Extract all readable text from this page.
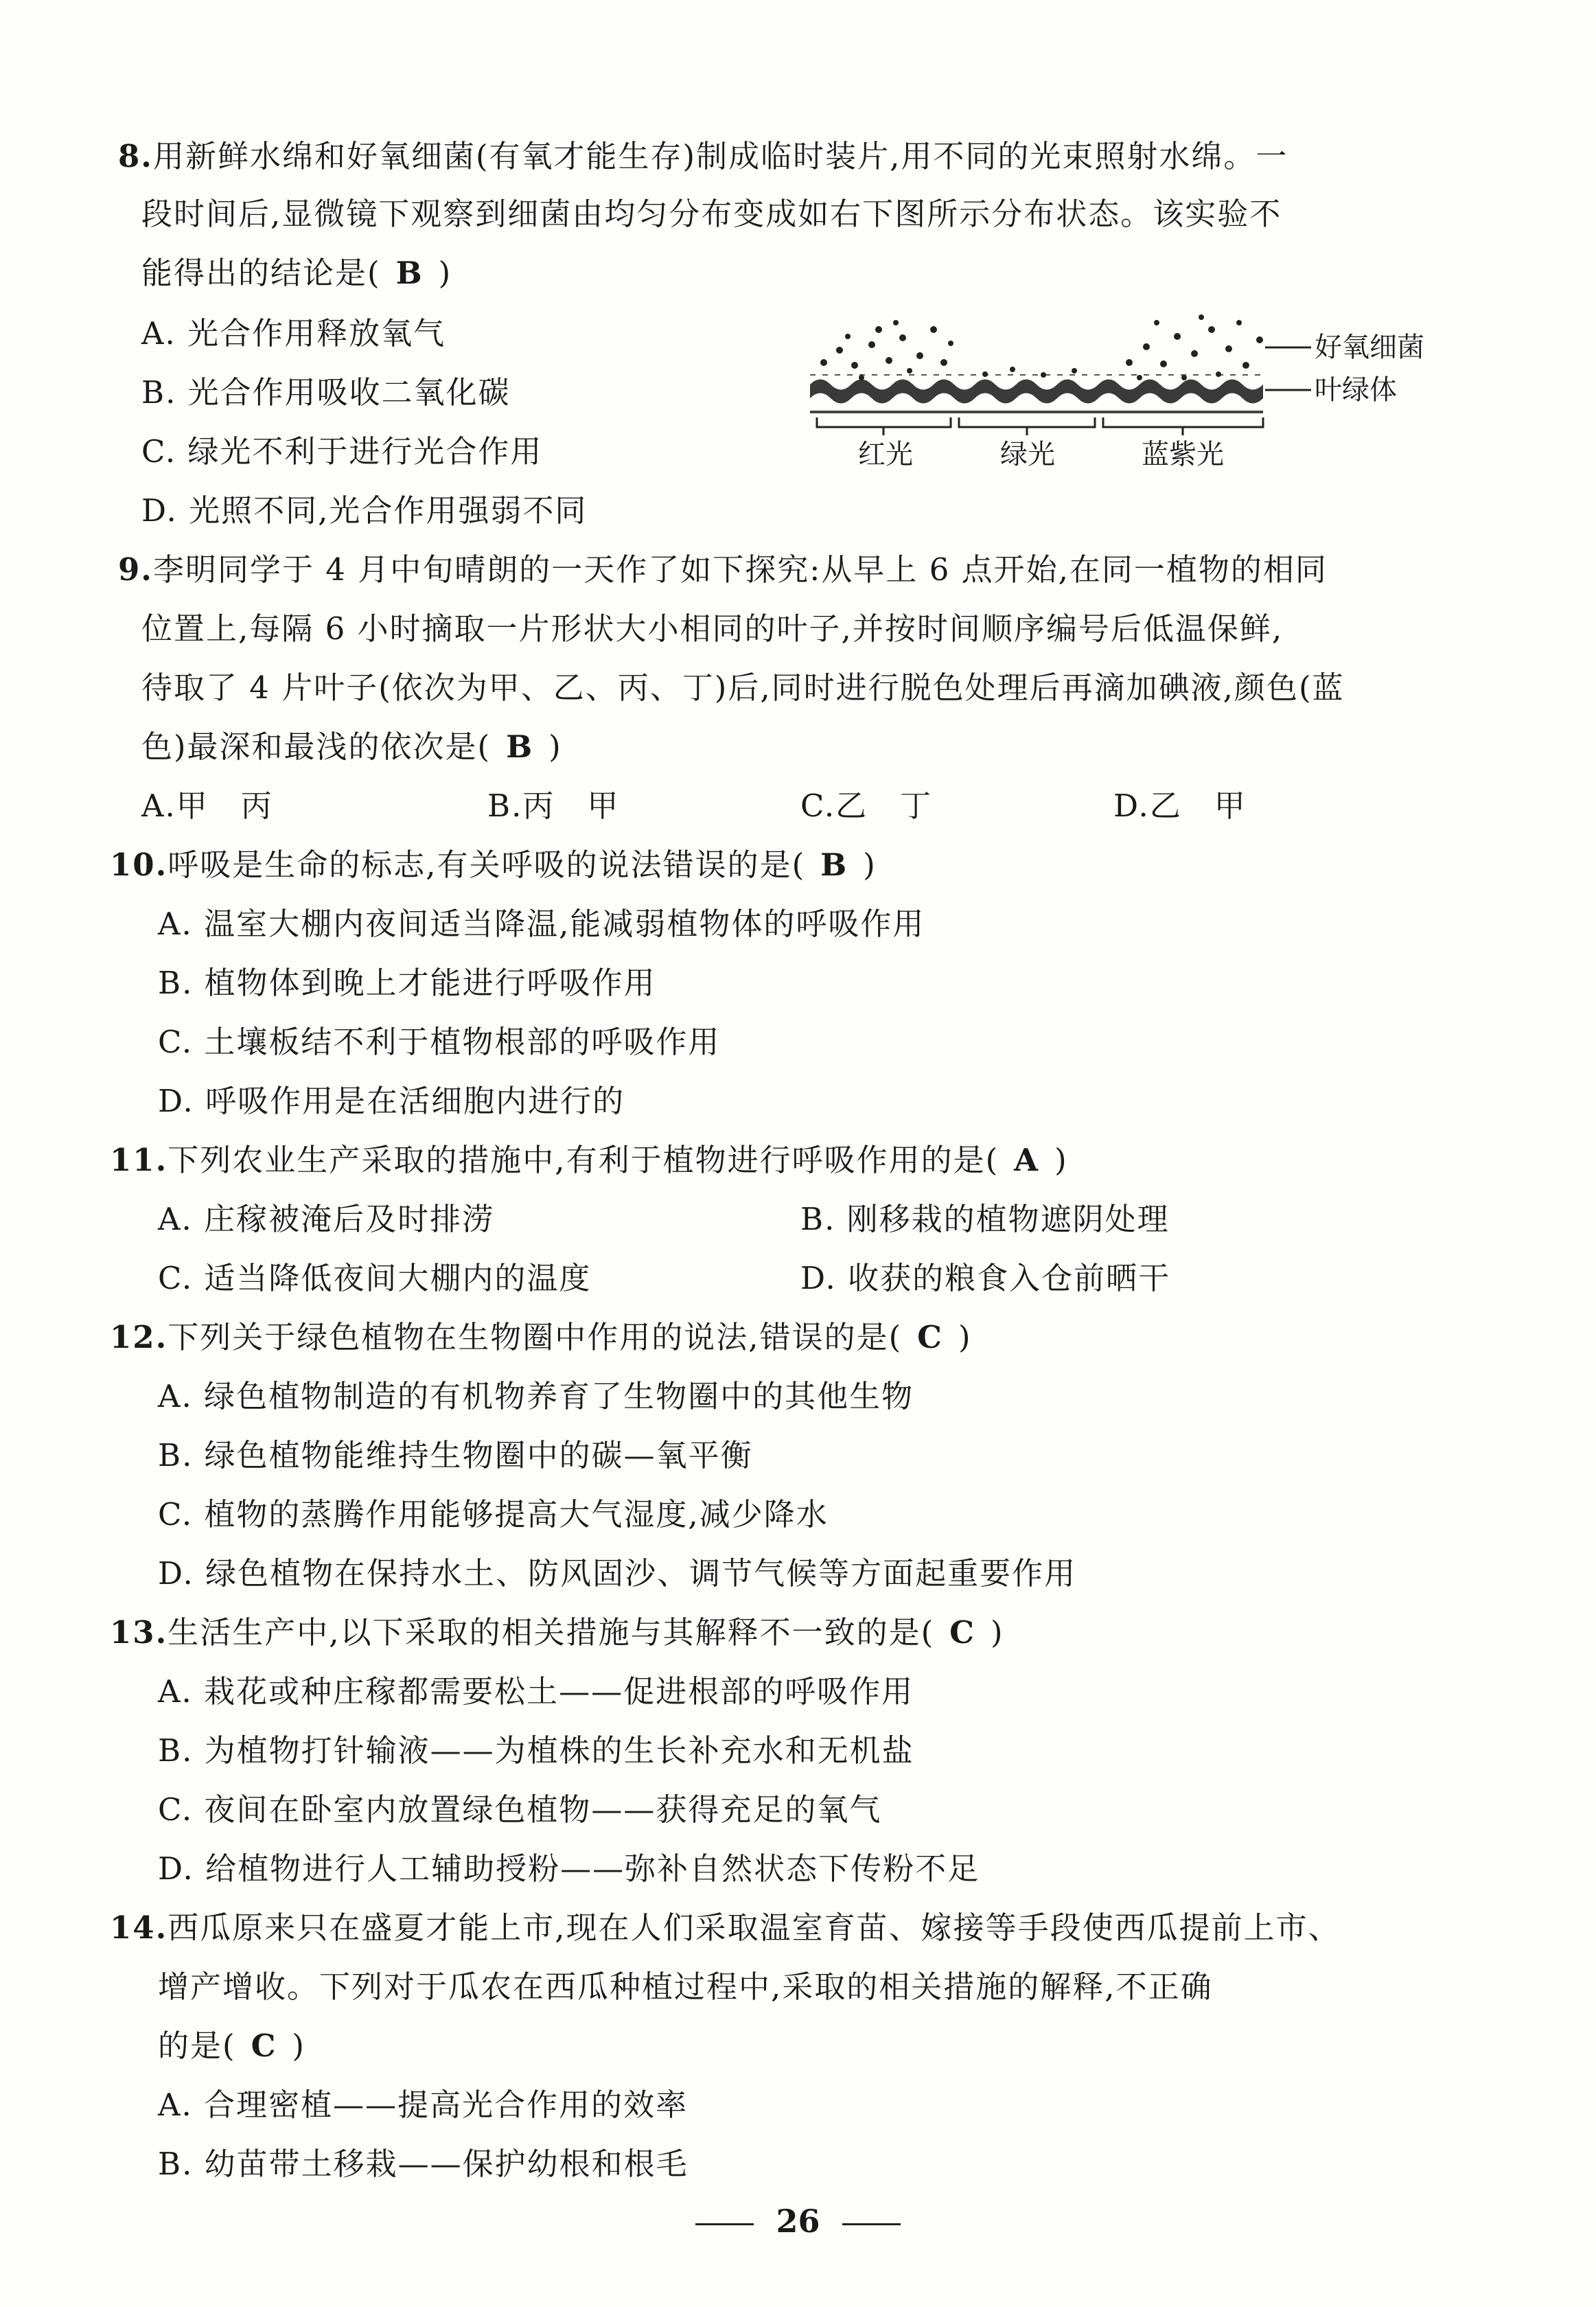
8.用新鲜水绵和好氧细菌(有氧才能生存)制成临时装片,用不同的光束照射水绵。一
段时间后,显微镜下观察到细菌由均匀分布变成如右下图所示分布状态。该实验不
能得出的结论是( B )
A. 光合作用释放氧气
B. 光合作用吸收二氧化碳
C. 绿光不利于进行光合作用
D. 光照不同,光合作用强弱不同
好氧细菌
叶绿体
红光	绿光	蓝紫光
9.李明同学于 4 月中旬晴朗的一天作了如下探究:从早上 6 点开始,在同一植物的相同
位置上,每隔 6 小时摘取一片形状大小相同的叶子,并按时间顺序编号后低温保鲜,
待取了 4 片叶子(依次为甲、乙、丙、丁)后,同时进行脱色处理后再滴加碘液,颜色(蓝
色)最深和最浅的依次是( B )
A.甲　丙	B.丙　甲	C.乙　丁	D.乙　甲
10.呼吸是生命的标志,有关呼吸的说法错误的是( B )
A. 温室大棚内夜间适当降温,能减弱植物体的呼吸作用
B. 植物体到晚上才能进行呼吸作用
C. 土壤板结不利于植物根部的呼吸作用
D. 呼吸作用是在活细胞内进行的
11.下列农业生产采取的措施中,有利于植物进行呼吸作用的是( A )
A. 庄稼被淹后及时排涝	B. 刚移栽的植物遮阴处理
C. 适当降低夜间大棚内的温度	D. 收获的粮食入仓前晒干
12.下列关于绿色植物在生物圈中作用的说法,错误的是( C )
A. 绿色植物制造的有机物养育了生物圈中的其他生物
B. 绿色植物能维持生物圈中的碳—氧平衡
C. 植物的蒸腾作用能够提高大气湿度,减少降水
D. 绿色植物在保持水土、防风固沙、调节气候等方面起重要作用
13.生活生产中,以下采取的相关措施与其解释不一致的是( C )
A. 栽花或种庄稼都需要松土——促进根部的呼吸作用
B. 为植物打针输液——为植株的生长补充水和无机盐
C. 夜间在卧室内放置绿色植物——获得充足的氧气
D. 给植物进行人工辅助授粉——弥补自然状态下传粉不足
14.西瓜原来只在盛夏才能上市,现在人们采取温室育苗、嫁接等手段使西瓜提前上市、
增产增收。下列对于瓜农在西瓜种植过程中,采取的相关措施的解释,不正确
的是( C )
A. 合理密植——提高光合作用的效率
B. 幼苗带土移栽——保护幼根和根毛
26
